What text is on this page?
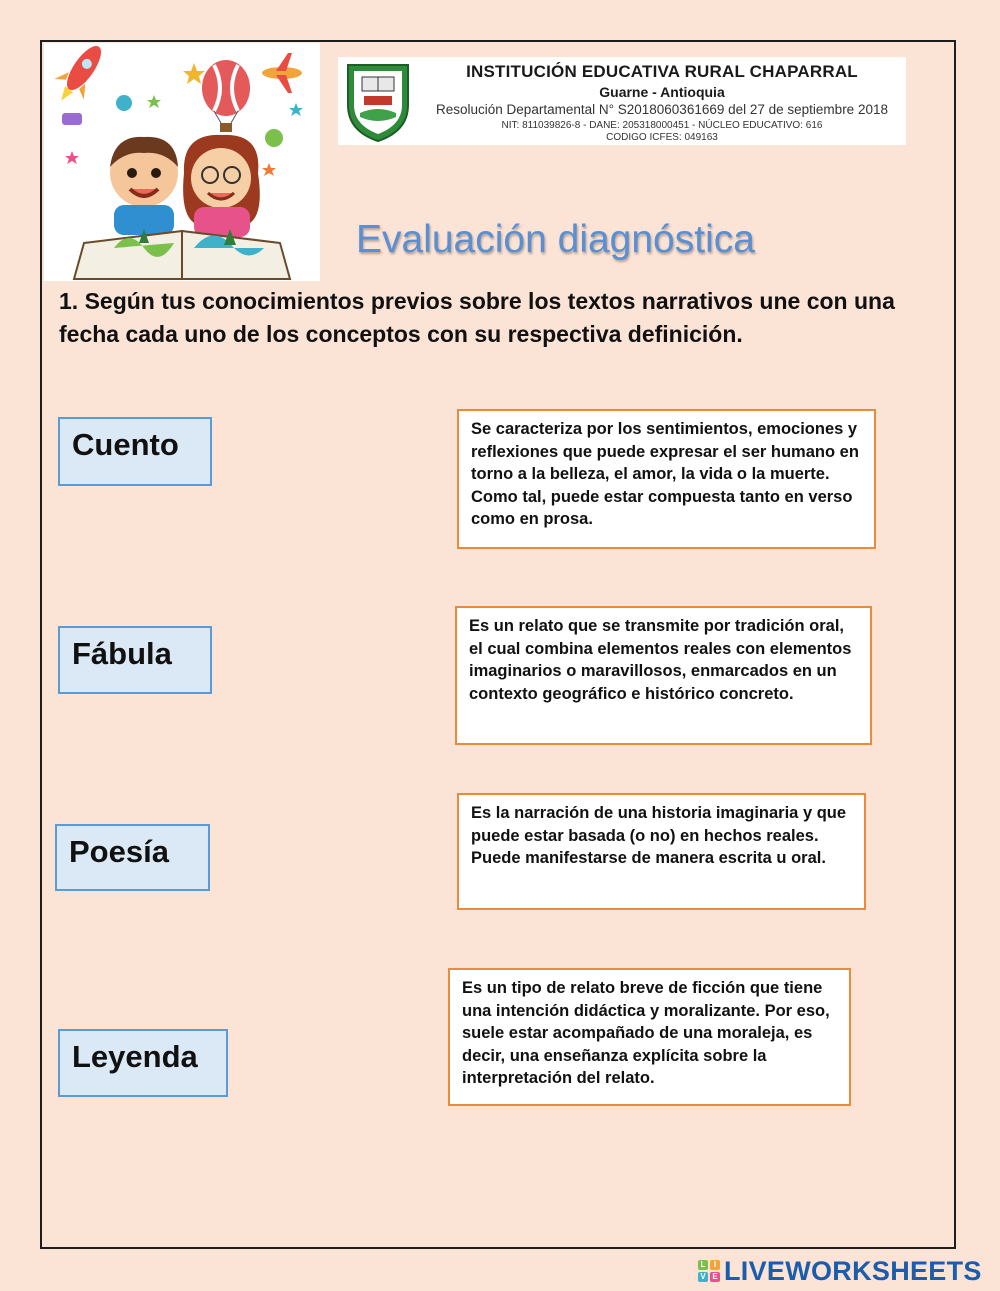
INSTITUCIÓN EDUCATIVA RURAL CHAPARRAL
Guarne - Antioquia
Resolución Departamental N° S2018060361669 del 27 de septiembre 2018
NIT: 811039826-8 - DANE: 205318000451 - NÚCLEO EDUCATIVO: 616
CODIGO ICFES: 049163
Evaluación diagnóstica
1. Según tus conocimientos previos sobre los textos narrativos une con una fecha cada uno de los conceptos con su respectiva definición.
Cuento
Fábula
Poesía
Leyenda
Se caracteriza por los sentimientos, emociones y reflexiones que puede expresar el ser humano en torno a la belleza, el amor, la vida o la muerte. Como tal, puede estar compuesta tanto en verso como en prosa.
Es un relato que se transmite por tradición oral, el cual combina elementos reales con elementos imaginarios o maravillosos, enmarcados en un contexto geográfico e histórico concreto.
Es la narración de una historia imaginaria y que puede estar basada (o no) en hechos reales. Puede manifestarse de manera escrita u oral.
Es un tipo de relato breve de ficción que tiene una intención didáctica y moralizante. Por eso, suele estar acompañado de una moraleja, es decir, una enseñanza explícita sobre la interpretación del relato.
L	I
V E LIVEWORKSHEETS
